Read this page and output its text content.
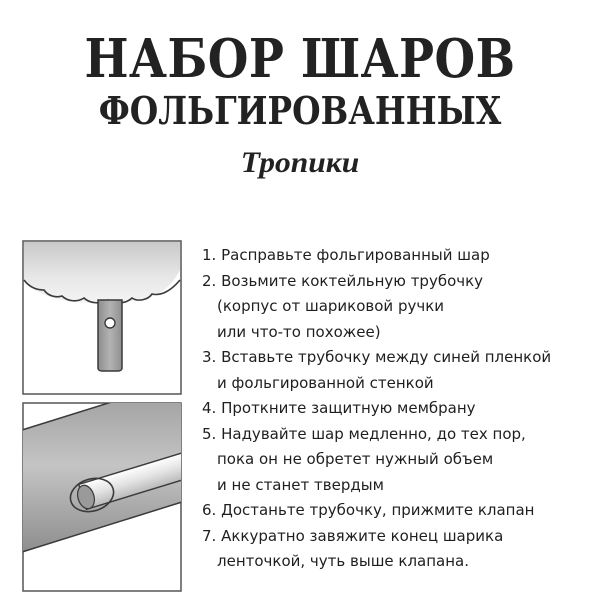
НАБОР ШАРОВ
ФОЛЬГИРОВАННЫХ
Тропики
1. Расправьте фольгированный шар
2. Возьмите коктейльную трубочку
(корпус от шариковой ручки
или что-то похожее)
3. Вставьте трубочку между синей пленкой
и фольгированной стенкой
4. Проткните защитную мембрану
5. Надувайте шар медленно, до тех пор,
пока он не обретет нужный объем
и не станет твердым
6. Достаньте трубочку, прижмите клапан
7. Аккуратно завяжите конец шарика
ленточкой, чуть выше клапана.
